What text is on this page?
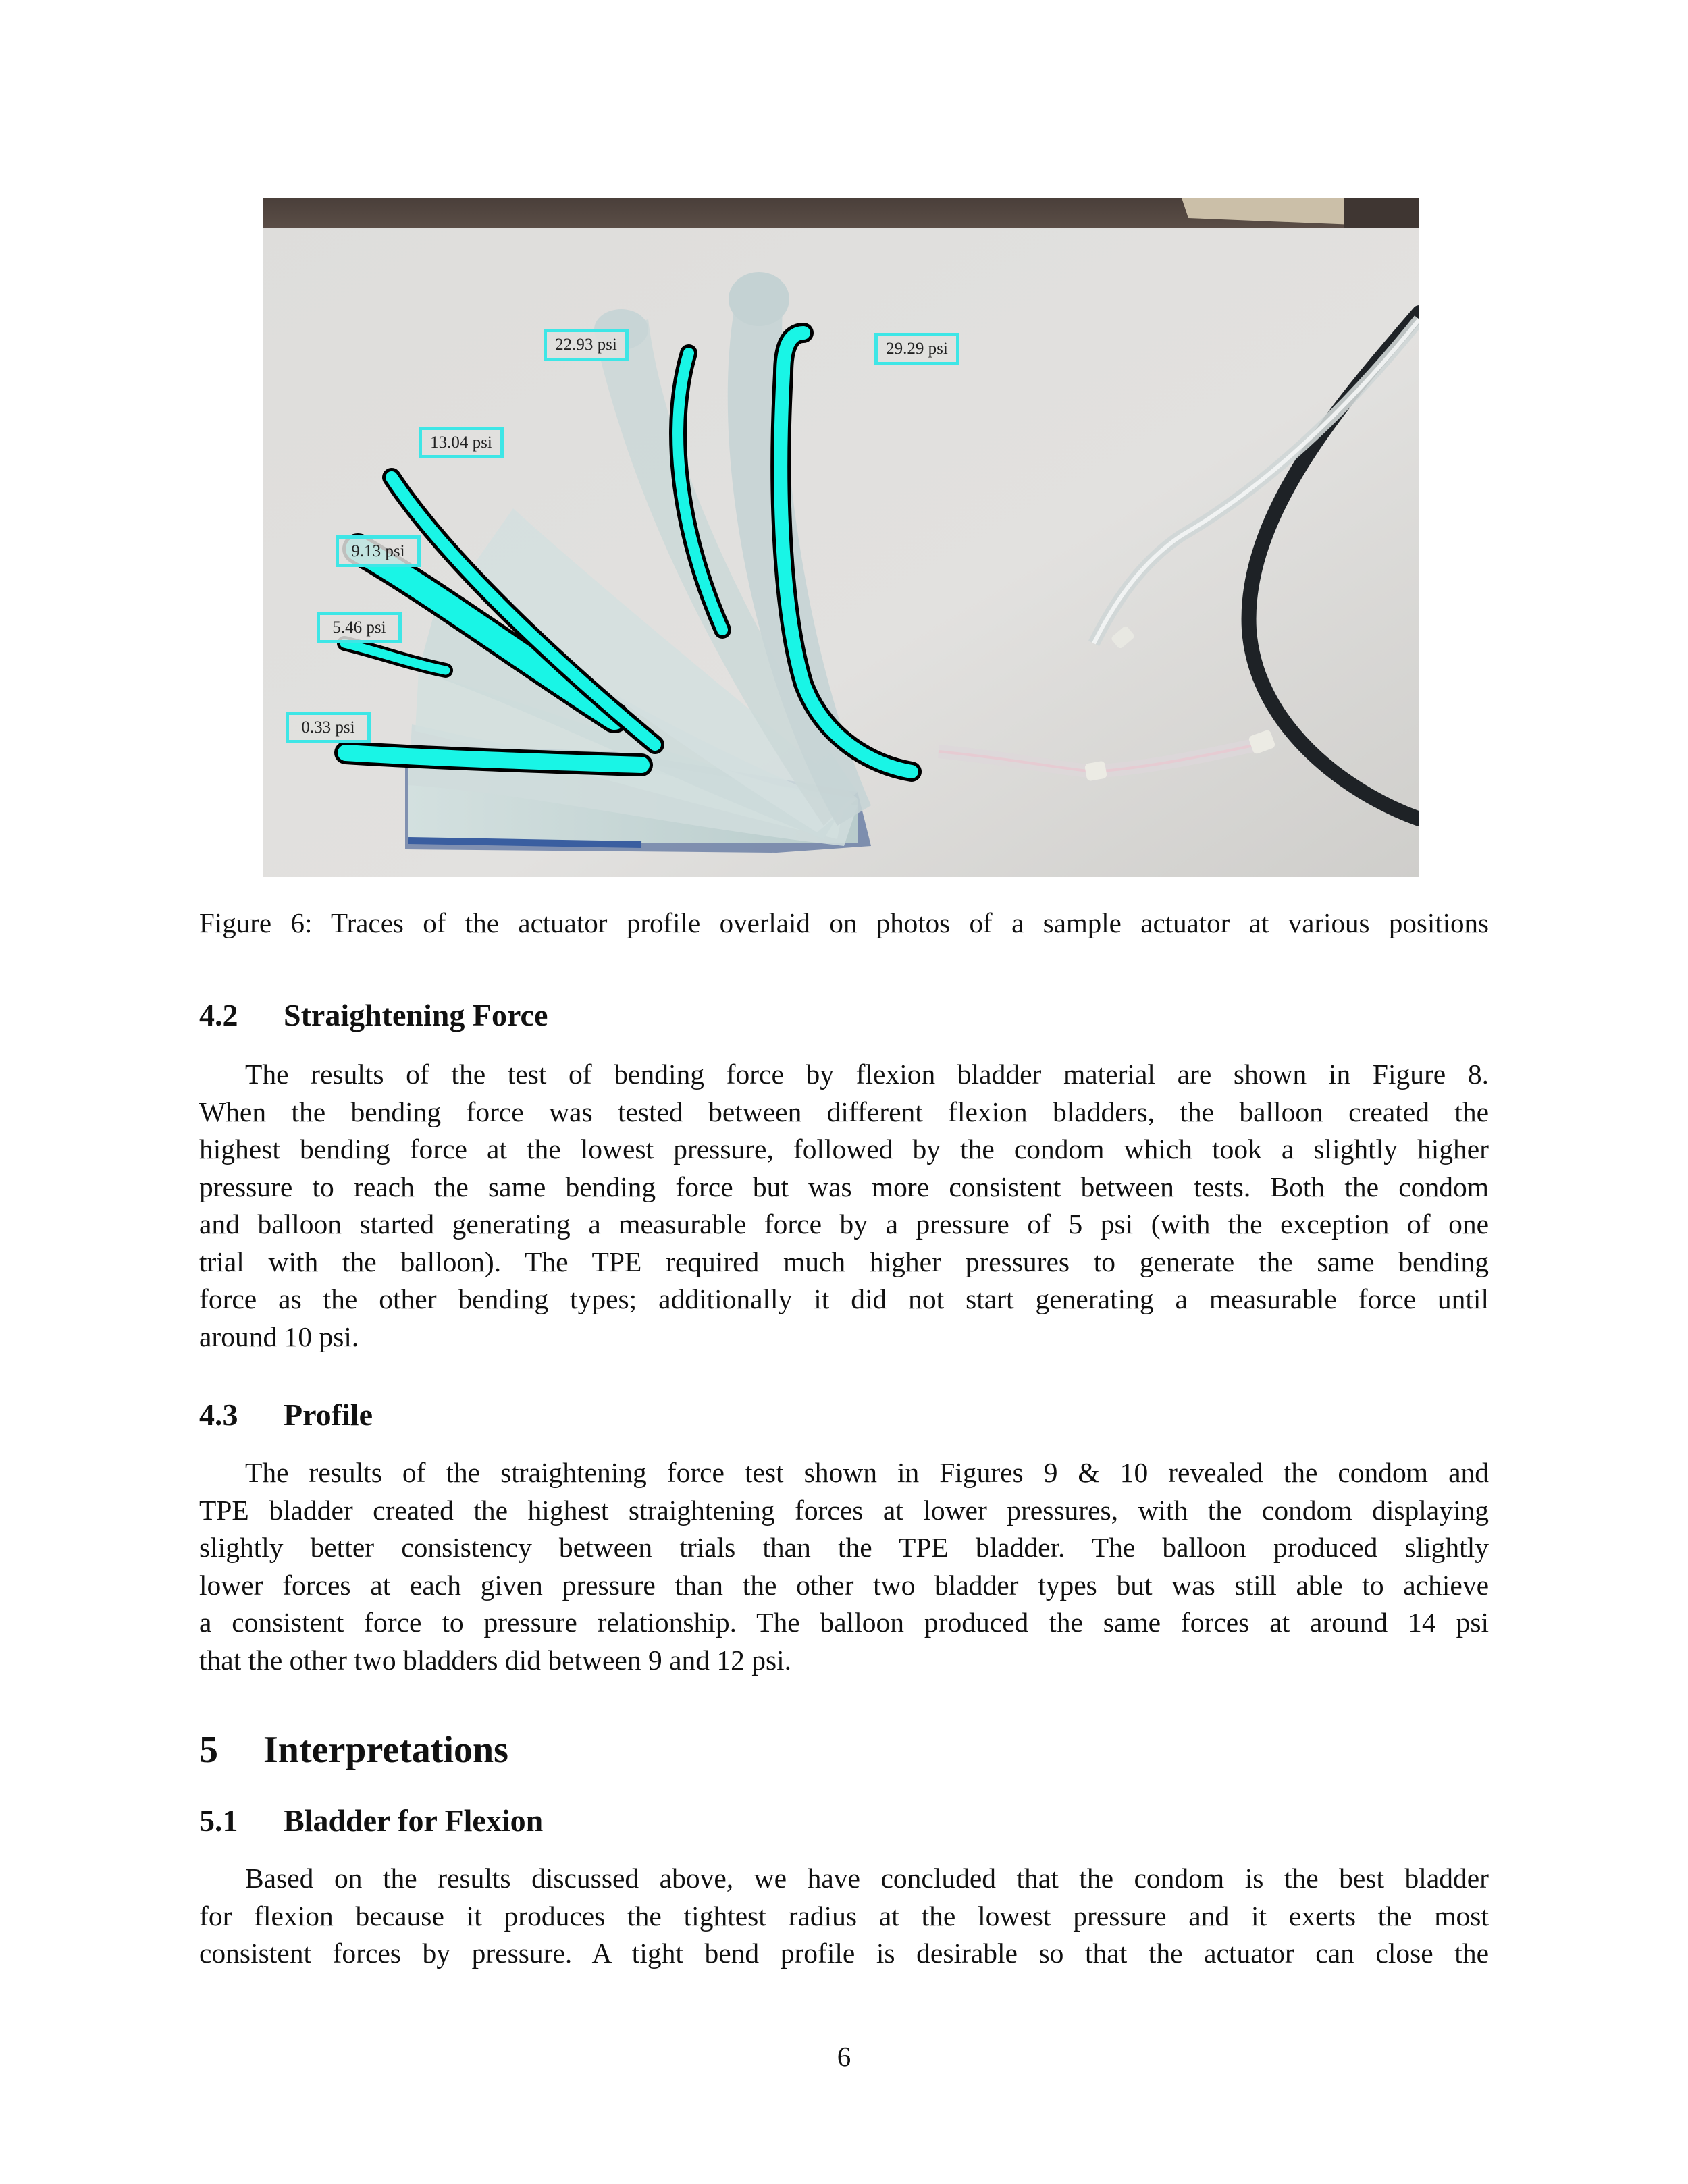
22.93 psi	29.29 psi
13.04 psi
9.13 psi
5.46 psi
0.33 psi
Figure 6: Traces of the actuator profile overlaid on photos of a sample actuator at various positions
4.2 Straightening Force
The results of the test of bending force by flexion bladder material are shown in Figure 8.
When the bending force was tested between different flexion bladders, the balloon created the
highest bending force at the lowest pressure, followed by the condom which took a slightly higher
pressure to reach the same bending force but was more consistent between tests. Both the condom
and balloon started generating a measurable force by a pressure of 5 psi (with the exception of one
trial with the balloon). The TPE required much higher pressures to generate the same bending
force as the other bending types; additionally it did not start generating a measurable force until
around 10 psi.
4.3 Profile
The results of the straightening force test shown in Figures 9 & 10 revealed the condom and
TPE bladder created the highest straightening forces at lower pressures, with the condom displaying
slightly better consistency between trials than the TPE bladder. The balloon produced slightly
lower forces at each given pressure than the other two bladder types but was still able to achieve
a consistent force to pressure relationship. The balloon produced the same forces at around 14 psi
that the other two bladders did between 9 and 12 psi.
5 Interpretations
5.1 Bladder for Flexion
Based on the results discussed above, we have concluded that the condom is the best bladder
for flexion because it produces the tightest radius at the lowest pressure and it exerts the most
consistent forces by pressure. A tight bend profile is desirable so that the actuator can close the
6
